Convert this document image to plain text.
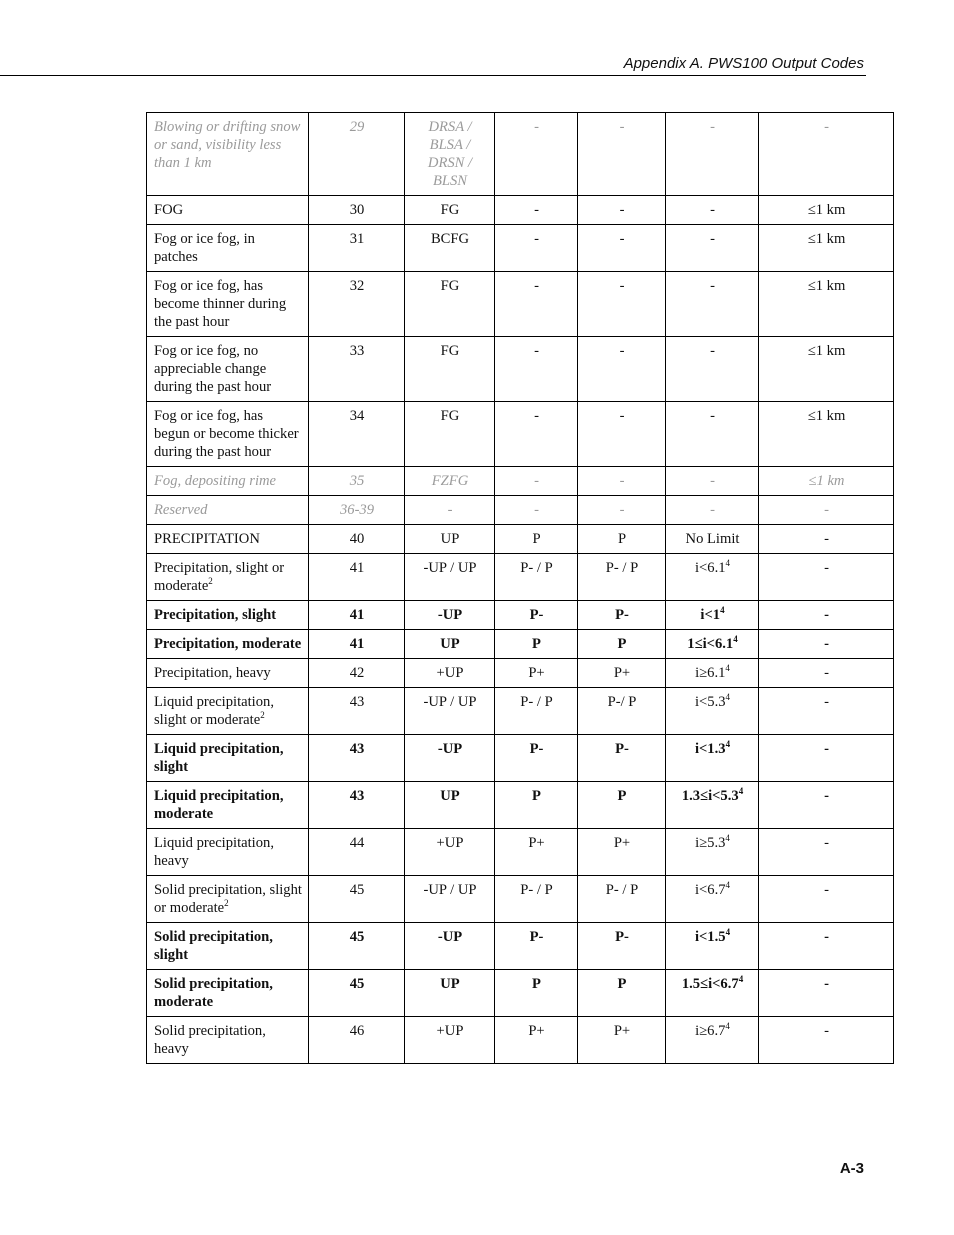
Appendix A. PWS100 Output Codes
Blowing or drifting snow or sand, visibility less than 1 km	29	DRSA / BLSA / DRSN / BLSN	-	-	-	-
FOG	30	FG	-	-	-	≤1 km
Fog or ice fog, in patches	31	BCFG	-	-	-	≤1 km
Fog or ice fog, has become thinner during the past hour	32	FG	-	-	-	≤1 km
Fog or ice fog, no appreciable change during the past hour	33	FG	-	-	-	≤1 km
Fog or ice fog, has begun or become thicker during the past hour	34	FG	-	-	-	≤1 km
Fog, depositing rime	35	FZFG	-	-	-	≤1 km
Reserved	36-39	-	-	-	-	-
PRECIPITATION	40	UP	P	P	No Limit	-
Precipitation, slight or moderate$^2$	41	-UP / UP	P- / P	P- / P	$i<6.1^4$	-
Precipitation, slight	41	-UP	P-	P-	$i<1^4$	-
Precipitation, moderate	41	UP	P	P	$1\le i<6.1^4$	-
Precipitation, heavy	42	+UP	P+	P+	$i\ge 6.1^4$	-
Liquid precipitation, slight or moderate$^2$	43	-UP / UP	P- / P	P-/ P	$i<5.3^4$	-
Liquid precipitation, slight	43	-UP	P-	P-	$i<1.3^4$	-
Liquid precipitation, moderate	43	UP	P	P	$1.3\le i<5.3^4$	-
Liquid precipitation, heavy	44	+UP	P+	P+	$i\ge 5.3^4$	-
Solid precipitation, slight or moderate$^2$	45	-UP / UP	P- / P	P- / P	$i<6.7^4$	-
Solid precipitation, slight	45	-UP	P-	P-	$i<1.5^4$	-
Solid precipitation, moderate	45	UP	P	P	$1.5\le i<6.7^4$	-
Solid precipitation, heavy	46	+UP	P+	P+	$i\ge 6.7^4$	-
A-3
